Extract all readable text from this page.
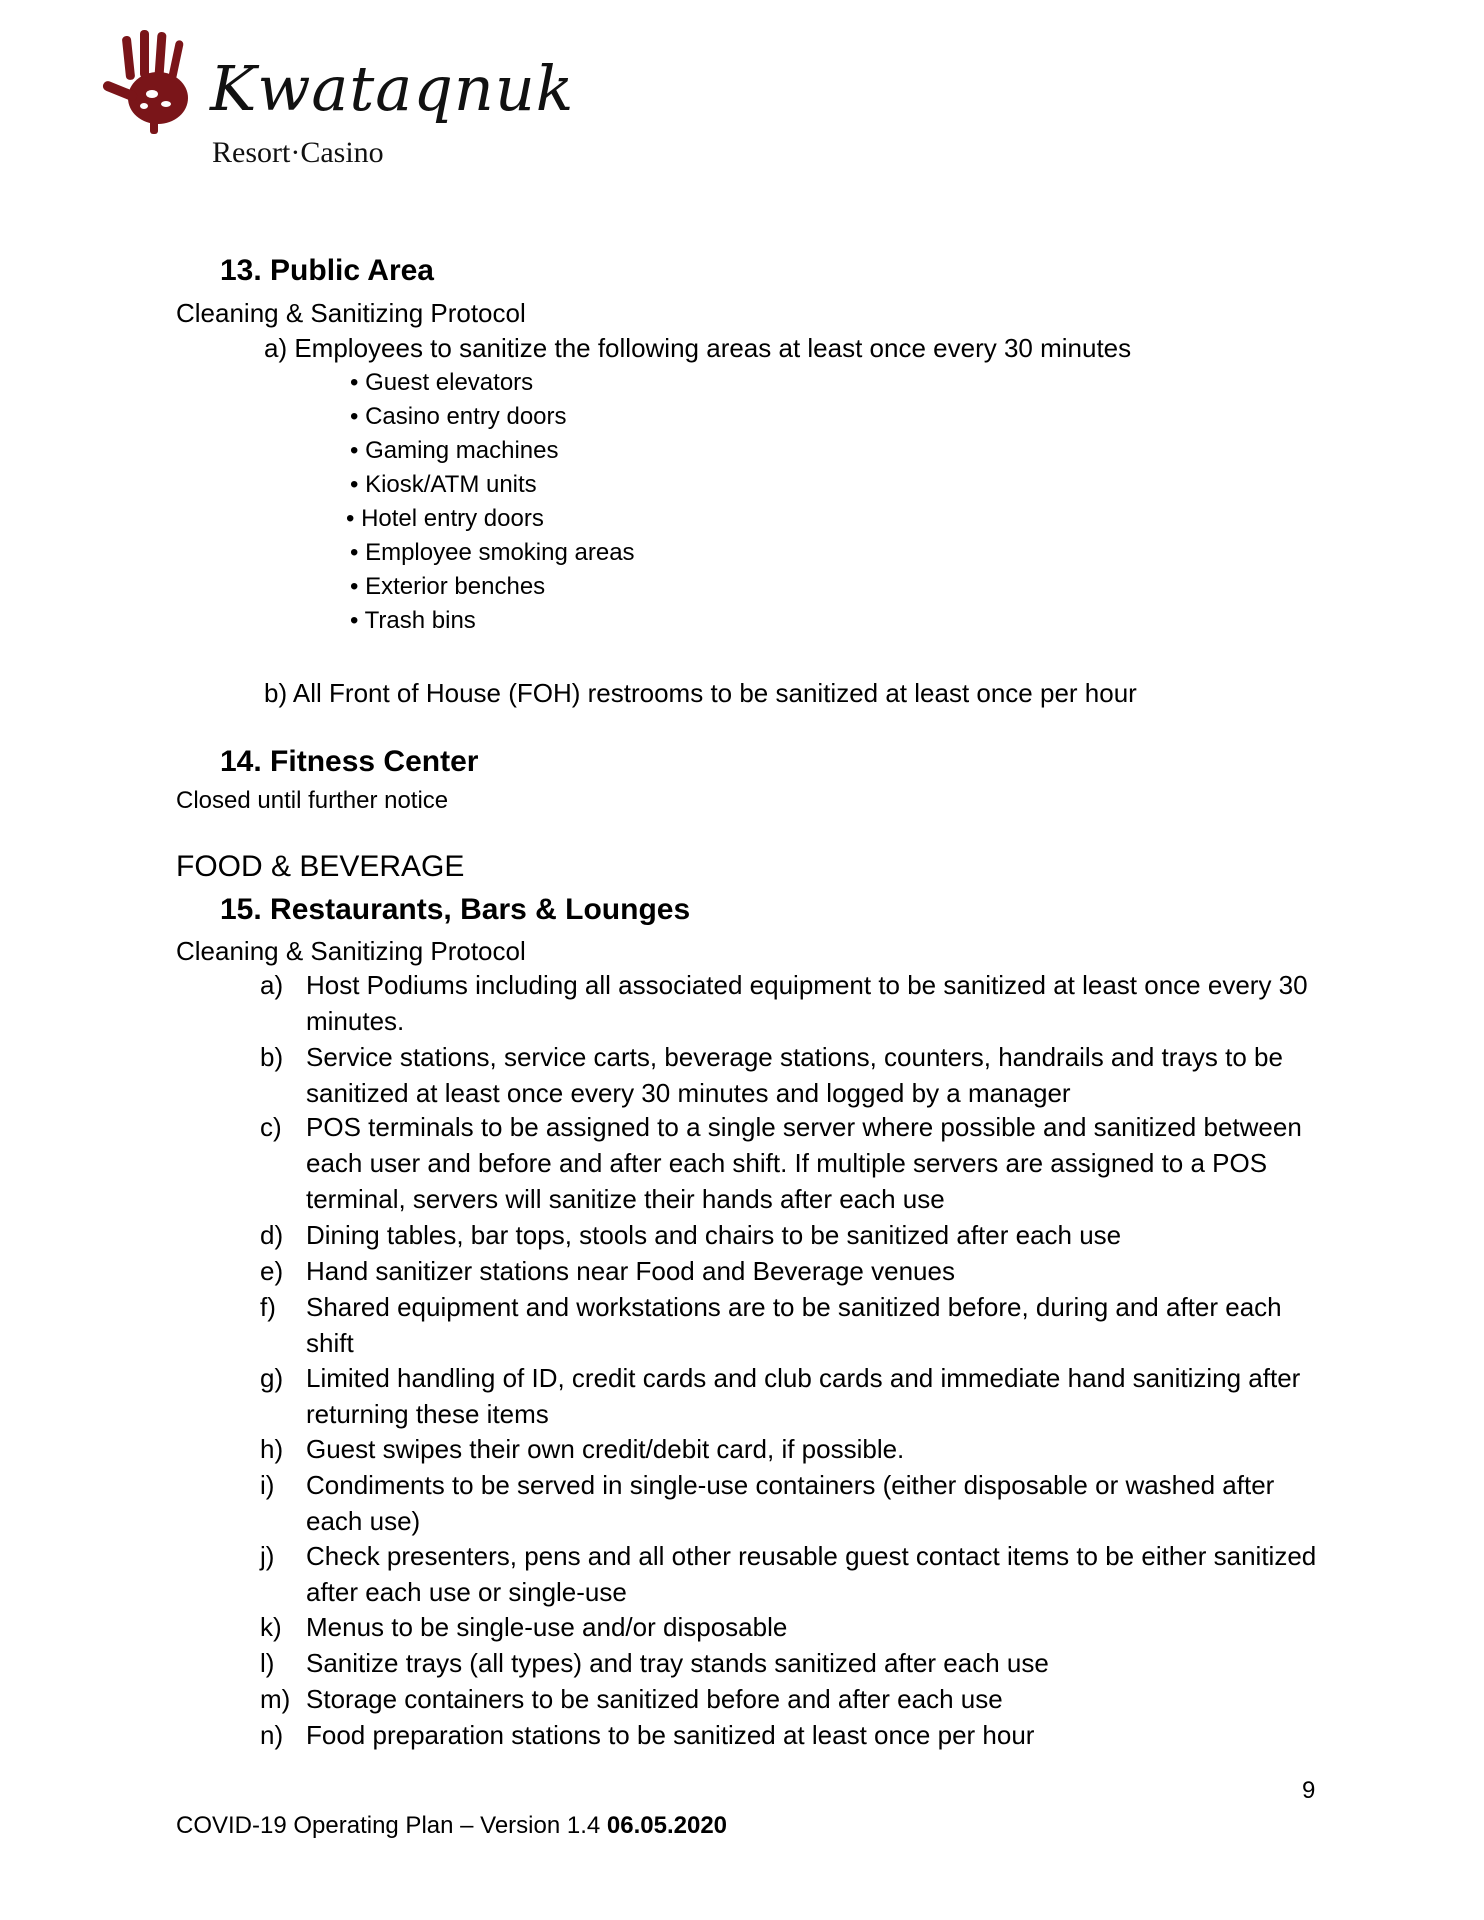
Kwataqnuk
Resort·Casino
13. Public Area
Cleaning & Sanitizing Protocol
a) Employees to sanitize the following areas at least once every 30 minutes
• Guest elevators
• Casino entry doors
• Gaming machines
• Kiosk/ATM units
• Hotel entry doors
• Employee smoking areas
• Exterior benches
• Trash bins
b) All Front of House (FOH) restrooms to be sanitized at least once per hour
14. Fitness Center
Closed until further notice
FOOD & BEVERAGE
15. Restaurants, Bars & Lounges
Cleaning & Sanitizing Protocol
a) Host Podiums including all associated equipment to be sanitized at least once every 30 minutes.
b) Service stations, service carts, beverage stations, counters, handrails and trays to be sanitized at least once every 30 minutes and logged by a manager
c) POS terminals to be assigned to a single server where possible and sanitized between each user and before and after each shift. If multiple servers are assigned to a POS terminal, servers will sanitize their hands after each use
d) Dining tables, bar tops, stools and chairs to be sanitized after each use
e) Hand sanitizer stations near Food and Beverage venues
f) Shared equipment and workstations are to be sanitized before, during and after each shift
g) Limited handling of ID, credit cards and club cards and immediate hand sanitizing after returning these items
h) Guest swipes their own credit/debit card, if possible.
i) Condiments to be served in single-use containers (either disposable or washed after each use)
j) Check presenters, pens and all other reusable guest contact items to be either sanitized after each use or single-use
k) Menus to be single-use and/or disposable
l) Sanitize trays (all types) and tray stands sanitized after each use
m) Storage containers to be sanitized before and after each use
n) Food preparation stations to be sanitized at least once per hour
9
COVID-19 Operating Plan – Version 1.4 06.05.2020
